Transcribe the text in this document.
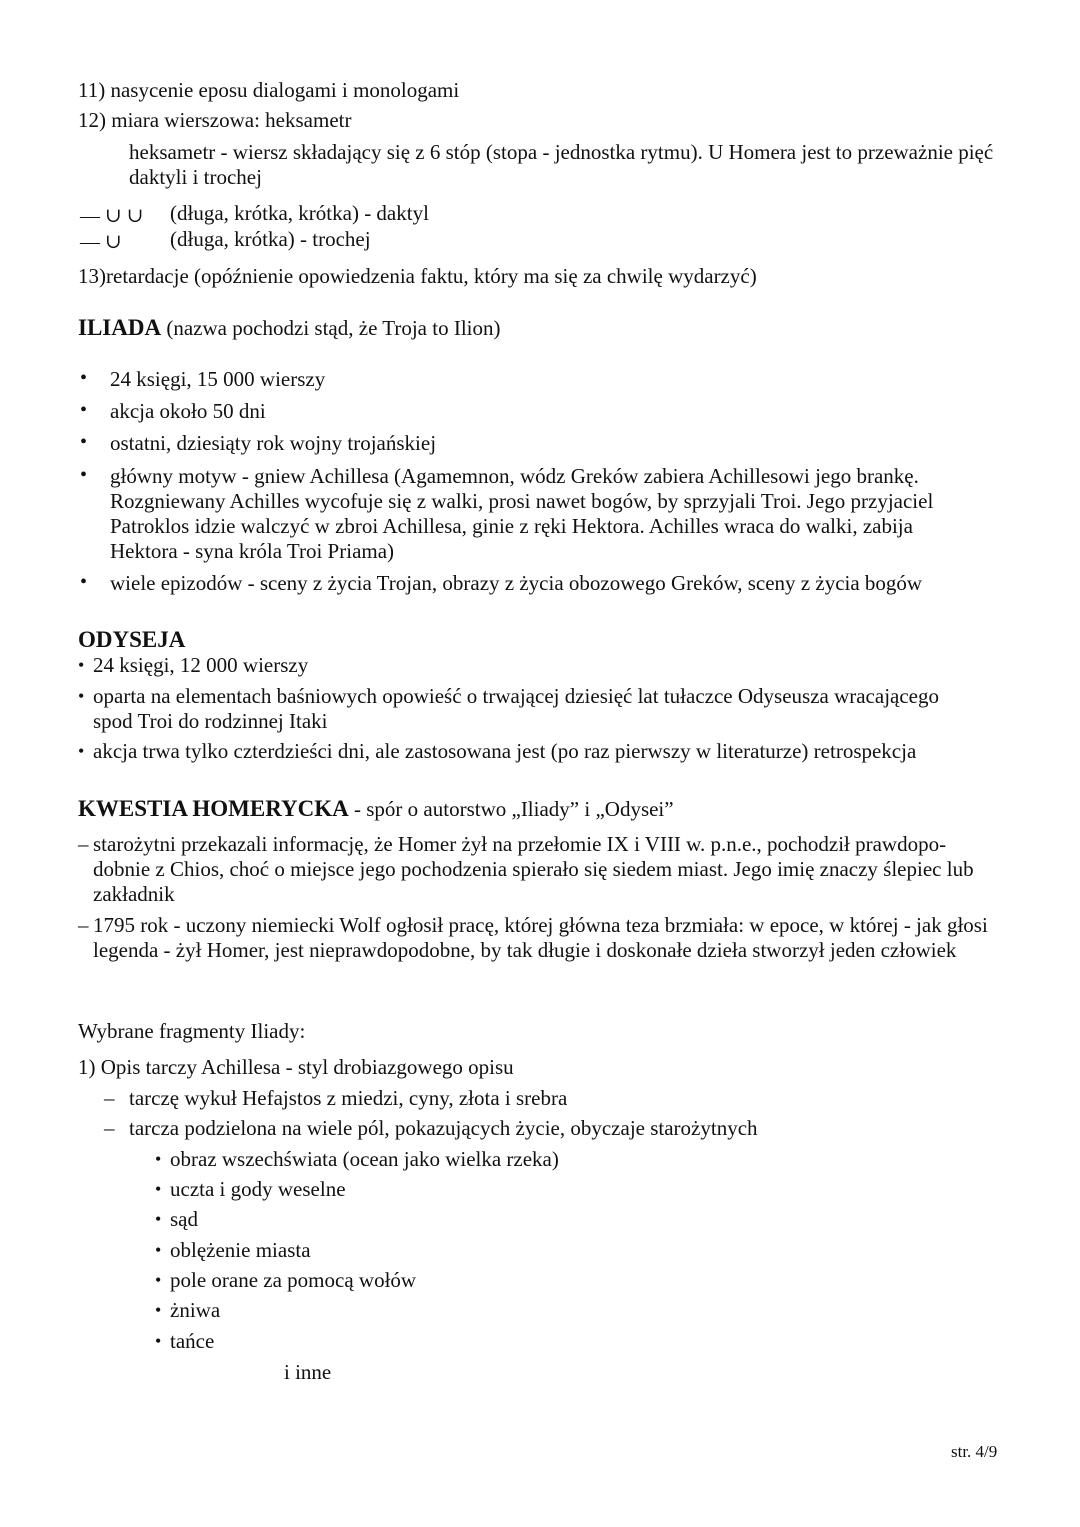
11) nasycenie eposu dialogami i monologami
12) miara wierszowa: heksametr
heksametr - wiersz składający się z 6 stóp (stopa - jednostka rytmu). U Homera jest to przeważnie pięć daktyli i trochej
— ∪ ∪ (długa, krótka, krótka) - daktyl
— ∪ (długa, krótka) - trochej
13)retardacje (opóźnienie opowiedzenia faktu, który ma się za chwilę wydarzyć)
ILIADA (nazwa pochodzi stąd, że Troja to Ilion)
• 24 księgi, 15 000 wierszy
• akcja około 50 dni
• ostatni, dziesiąty rok wojny trojańskiej
• główny motyw - gniew Achillesa (Agamemnon, wódz Greków zabiera Achillesowi jego brankę. Rozgniewany Achilles wycofuje się z walki, prosi nawet bogów, by sprzyjali Troi. Jego przyjaciel Patroklos idzie walczyć w zbroi Achillesa, ginie z ręki Hektora. Achilles wraca do walki, zabija Hektora - syna króla Troi Priama)
• wiele epizodów - sceny z życia Trojan, obrazy z życia obozowego Greków, sceny z życia bogów
ODYSEJA
• 24 księgi, 12 000 wierszy
• oparta na elementach baśniowych opowieść o trwającej dziesięć lat tułaczce Odyseusza wracającego spod Troi do rodzinnej Itaki
• akcja trwa tylko czterdzieści dni, ale zastosowana jest (po raz pierwszy w literaturze) retrospekcja
KWESTIA HOMERYCKA - spór o autorstwo „Iliady” i „Odysei”
– starożytni przekazali informację, że Homer żył na przełomie IX i VIII w. p.n.e., pochodził prawdopo-dobnie z Chios, choć o miejsce jego pochodzenia spierało się siedem miast. Jego imię znaczy ślepiec lub zakładnik
– 1795 rok - uczony niemiecki Wolf ogłosił pracę, której główna teza brzmiała: w epoce, w której - jak głosi legenda - żył Homer, jest nieprawdopodobne, by tak długie i doskonałe dzieła stworzył jeden człowiek
Wybrane fragmenty Iliady:
1) Opis tarczy Achillesa - styl drobiazgowego opisu
– tarczę wykuł Hefajstos z miedzi, cyny, złota i srebra
– tarcza podzielona na wiele pól, pokazujących życie, obyczaje starożytnych
• obraz wszechświata (ocean jako wielka rzeka)
• uczta i gody weselne
• sąd
• oblężenie miasta
• pole orane za pomocą wołów
• żniwa
• tańce
i inne
str. 4/9
